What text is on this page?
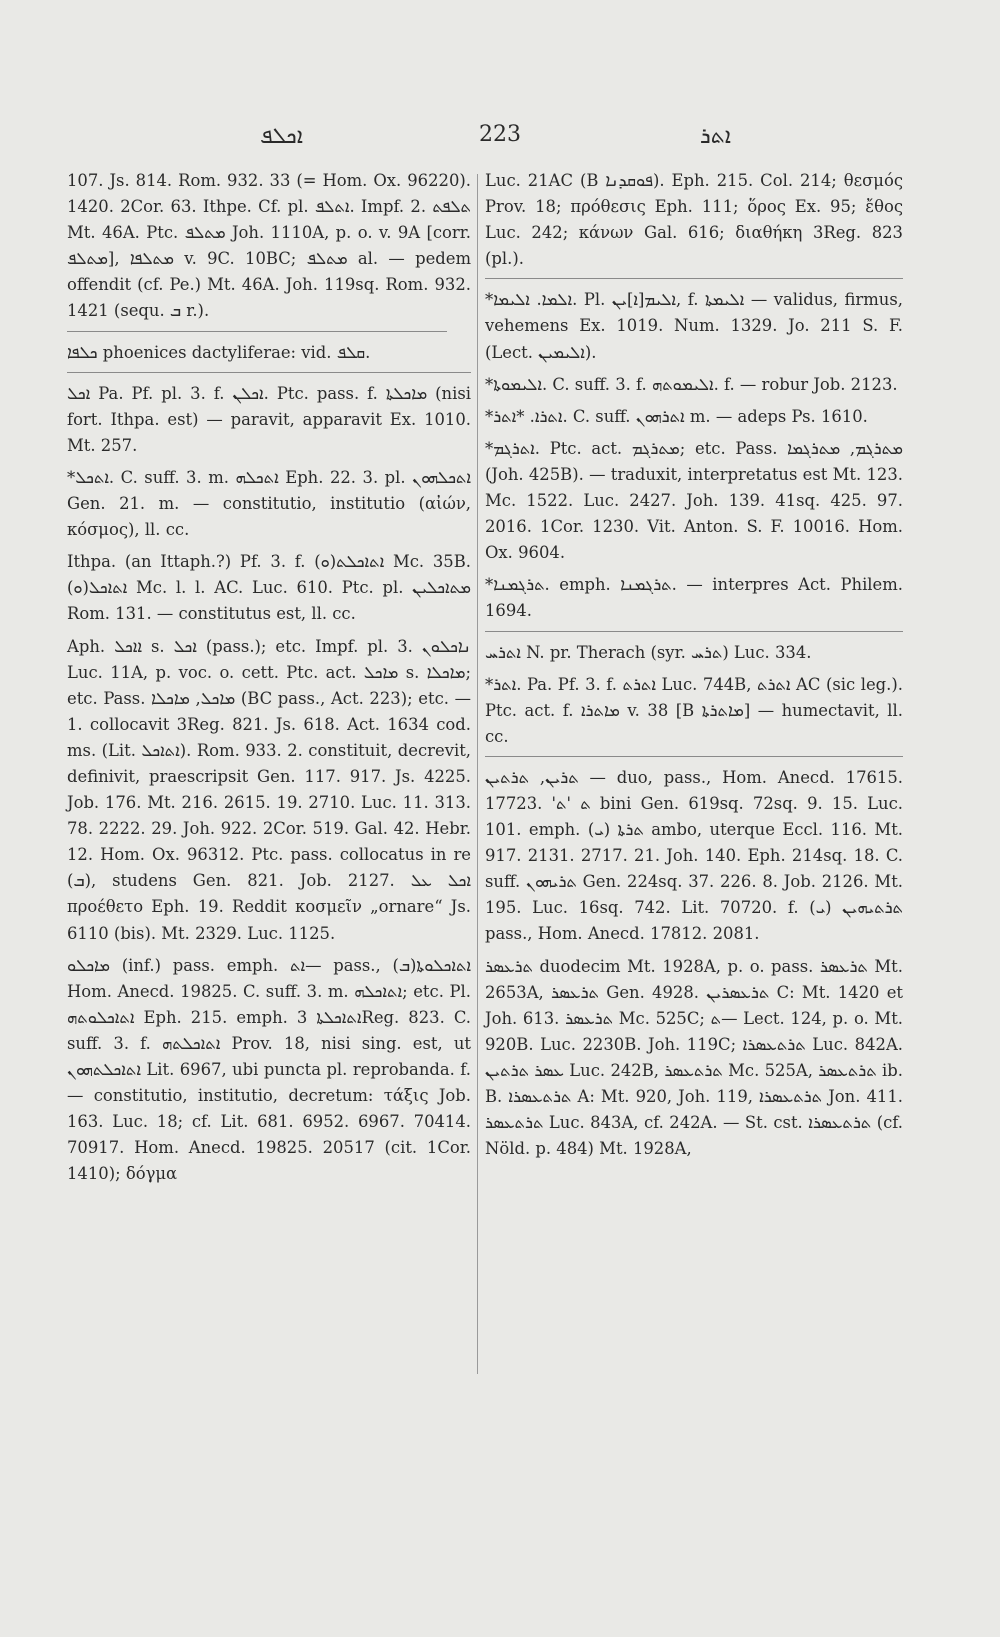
ܐܟܠܦ	223	ܐܬܪ
107. Js. 814. Rom. 932. 33 (= Hom. Ox. 96220). 1420. 2Cor. 63. Ithpe. Cf. pl. ܐܬܠܦ. Impf. 2. ܬܠܦܬ Mt. 46A. Ptc. ܡܬܠܦ Joh. 1110A, p. o. v. 9A [corr. ܡܬܠܦ], ܡܬܠܦܐ v. 9C. 10BC; ܡܬܠܦ al. — pedem offendit (cf. Pe.) Mt. 46A. Joh. 119sq. Rom. 932. 1421 (sequ. ܒ r.).
ܟܠܦܐ phoenices dactyliferae: vid. ܩܠܦ.
ܐܟܠ Pa. Pf. pl. 3. f. ܐܟܠܢ. Ptc. pass. f. ܡܐܟܠܬܐ (nisi fort. Ithpa. est) — paravit, apparavit Ex. 1010. Mt. 257.
*ܐܬܟܠ. C. suff. 3. m. ܐܬܟܠܗ Eph. 22. 3. pl. ܐܬܟܠܗܘܢ Gen. 21. m. — constitutio, institutio (αἰών, κόσμος), ll. cc.
Ithpa. (an Ittaph.?) Pf. 3. f. ܐܬܐܟܠܬ(ܘ) Mc. 35B. ܐܬܐܟܠ(ܘ) Mc. l. l. AC. Luc. 610. Ptc. pl. ܡܬܐܟܠܝܢ Rom. 131. — constitutus est, ll. cc.
Aph. ܐܐܟܠ s. ܐܟܠ (pass.); etc. Impf. pl. 3. ܢܐܟܠܘܢ Luc. 11A, p. voc. o. cett. Ptc. act. ܡܐܟܠ s. ܡܐܟܠܐ; etc. Pass. ܡܐܟܠ, ܡܐܟܠܐ (BC pass., Act. 223); etc. — 1. collocavit 3Reg. 821. Js. 618. Act. 1634 cod. ms. (Lit. ܐܬܐܟܠ). Rom. 933. 2. constituit, decrevit, definivit, praescripsit Gen. 117. 917. Js. 4225. Job. 176. Mt. 216. 2615. 19. 2710. Luc. 11. 313. 78. 2222. 29. Joh. 922. 2Cor. 519. Gal. 42. Hebr. 12. Hom. Ox. 96312. Ptc. pass. collocatus in re (ܒ), studens Gen. 821. Job. 2127. ܐܟܠ ܥܠ προέθετο Eph. 19. Reddit κοσμεῖν „ornare“ Js. 6110 (bis). Mt. 2329. Luc. 1125.
ܡܐܟܠܘ (inf.) pass. emph. ܐܬ— pass., ܐܬܐܟܠܘܬܐ(ܒ) Hom. Anecd. 19825. C. suff. 3. m. ܐܬܐܟܠܗ; etc. Pl. ܐܬܐܟܠܘܬܗ Eph. 215. emph. ܐܬܐܟܠܬܐ 3Reg. 823. C. suff. 3. f. ܐܬܐܟܠܬܗ Prov. 18, nisi sing. est, ut ܐܬܐܟܠܬܗܘܢ Lit. 6967, ubi puncta pl. reprobanda. f. — constitutio, institutio, decretum: τάξις Job. 163. Luc. 18; cf. Lit. 681. 6952. 6967. 70414. 70917. Hom. Anecd. 19825. 20517 (cit. 1Cor. 1410); δόγμα
Luc. 21AC (B ܦܘܩܕܢܐ). Eph. 215. Col. 214; θεσμός Prov. 18; πρόθεσις Eph. 111; ὅρος Ex. 95; ἔθος Luc. 242; κάνων Gal. 616; διαθήκη 3Reg. 823 (pl.).
*ܐܠܡܐ. ܐܠܝܡܐ. Pl. ܐܠܝܡ[ܐ]ܝܢ, f. ܐܠܝܡܬܐ — validus, firmus, vehemens Ex. 1019. Num. 1329. Jo. 211 S. F. (Lect. ܐܠܝܡܝܢ).
*ܐܠܝܡܘܬܐ. C. suff. 3. f. ܐܠܝܡܘܬܗ. f. — robur Job. 2123.
*ܐܬܪܐ. *ܐܬܪ. C. suff. ܐܬܪܗܘܢ m. — adeps Ps. 1610.
*ܐܬܪܓܡ. Ptc. act. ܡܬܪܓܡ; etc. Pass. ܡܬܪܓܡ, ܡܬܪܓܡܐ (Joh. 425B). — traduxit, interpretatus est Mt. 123. Mc. 1522. Luc. 2427. Joh. 139. 41sq. 425. 97. 2016. 1Cor. 1230. Vit. Anton. S. F. 10016. Hom. Ox. 9604.
*ܬܪܓܡܢܐ. emph. ܬܪܓܡܢܐ. — interpres Act. Philem. 1694.
ܐܬܪܚ N. pr. Therach (syr. ܬܪܚ) Luc. 334.
*ܐܬܪ. Pa. Pf. 3. f. ܐܬܪܬ Luc. 744B, ܐܬܪܬ AC (sic leg.). Ptc. act. f. ܡܐܬܪܐ v. 38 [B ܡܐܬܪܬܐ] — humectavit, ll. cc.
ܬܪܝܢ, ܬܪܬܝܢ — duo, pass., Hom. Anecd. 17615. 17723. 'ܬ 'ܬ bini Gen. 619sq. 72sq. 9. 15. Luc. 101. emph. ܬܪܬܐ (ܝ) ambo, uterque Eccl. 116. Mt. 917. 2131. 2717. 21. Joh. 140. Eph. 214sq. 18. C. suff. ܬܪܝܗܘܢ Gen. 224sq. 37. 226. 8. Job. 2126. Mt. 195. Luc. 16sq. 742. Lit. 70720. f. ܬܪܬܝܗܝܢ (ܝ) pass., Hom. Anecd. 17812. 2081.
ܬܪܥܣܪ duodecim Mt. 1928A, p. o. pass. ܬܪܥܣܪ Mt. 2653A, ܬܪܥܣܪ Gen. 4928. ܬܪܥܣܪܝܢ C: Mt. 1420 et Joh. 613. ܬܪܥܣܪ Mc. 525C; ܬ— Lect. 124, p. o. Mt. 920B. Luc. 2230B. Joh. 119C; ܬܪܬܥܣܪܐ Luc. 842A. ܥܣܪ ܬܪܬܝܢ Luc. 242B, ܬܪܬܥܣܪ Mc. 525A, ܬܪܬܥܣܪ ib. B. ܬܪܬܥܣܪܐ A: Mt. 920, Joh. 119, ܬܪܬܥܣܪܐ Jon. 411. ܬܪܬܥܣܪ Luc. 843A, cf. 242A. — St. cst. ܬܪܬܥܣܪܐ (cf. Nöld. p. 484) Mt. 1928A,
